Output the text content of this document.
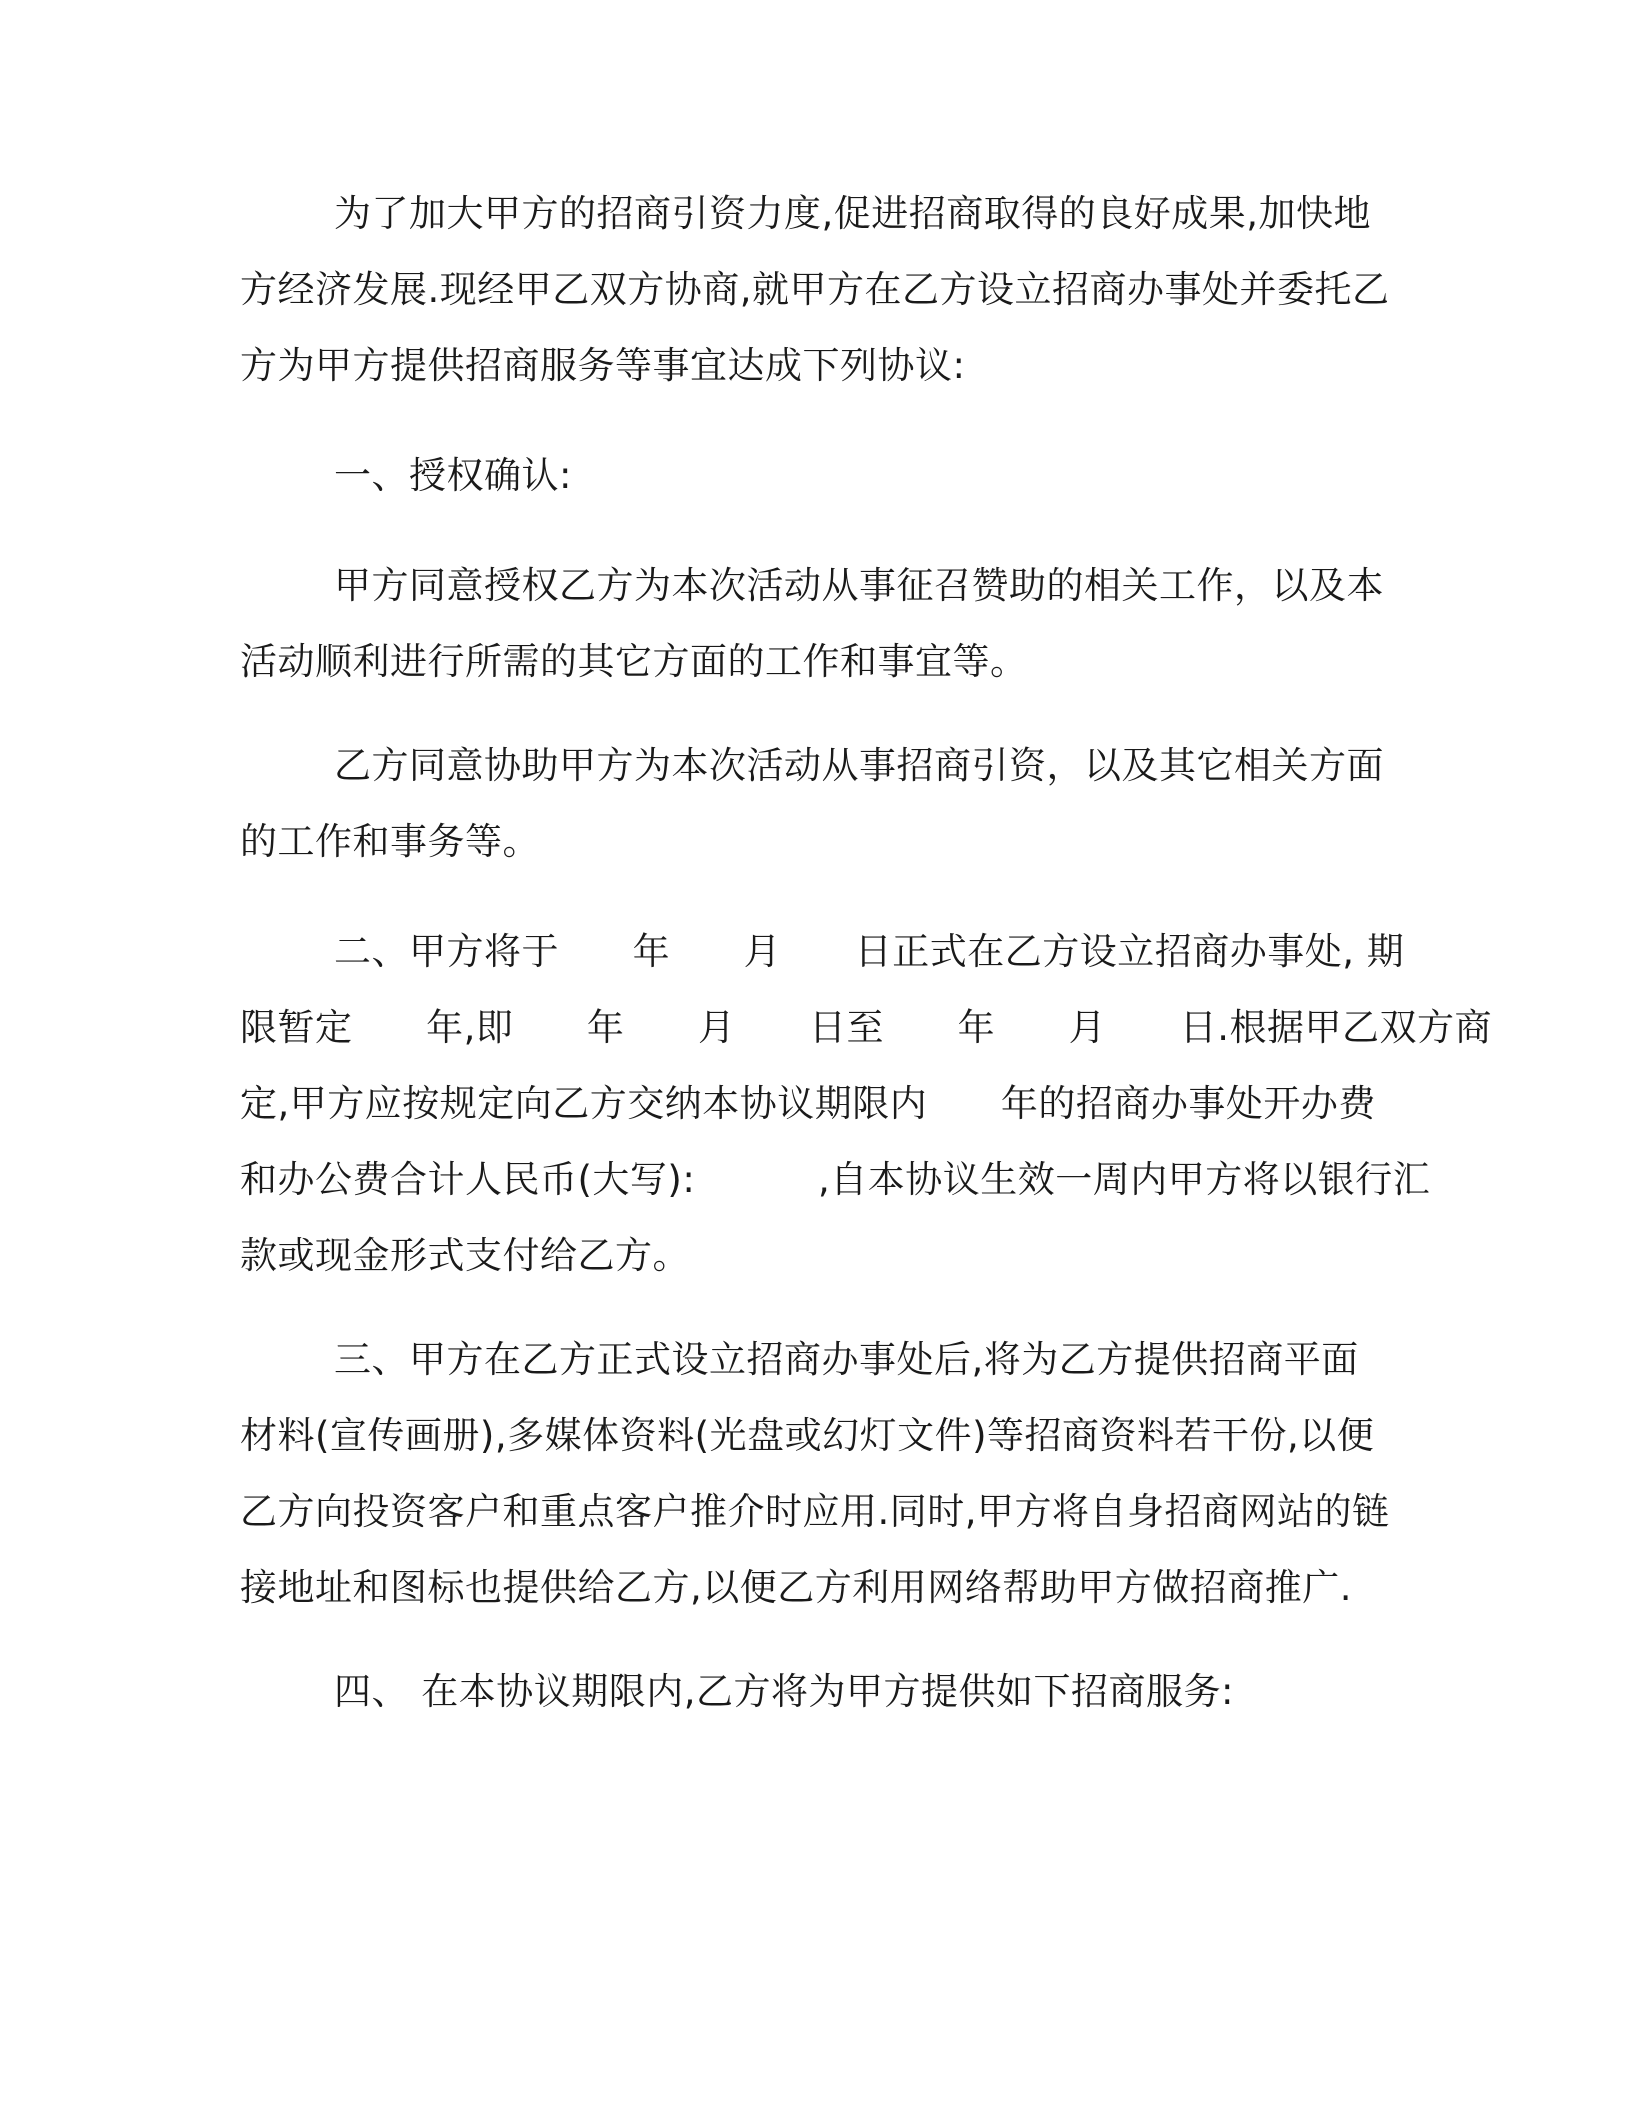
为了加大甲方的招商引资力度,促进招商取得的良好成果,加快地
方经济发展.现经甲乙双方协商,就甲方在乙方设立招商办事处并委托乙
方为甲方提供招商服务等事宜达成下列协议:
一、授权确认:
甲方同意授权乙方为本次活动从事征召赞助的相关工作，以及本
活动顺利进行所需的其它方面的工作和事宜等。
乙方同意协助甲方为本次活动从事招商引资，以及其它相关方面
的工作和事务等。
二、甲方将于      年      月      日正式在乙方设立招商办事处, 期
限暂定      年,即      年      月      日至      年      月      日.根据甲乙双方商
定,甲方应按规定向乙方交纳本协议期限内      年的招商办事处开办费
和办公费合计人民币(大写):          ,自本协议生效一周内甲方将以银行汇
款或现金形式支付给乙方。
三、甲方在乙方正式设立招商办事处后,将为乙方提供招商平面
材料(宣传画册),多媒体资料(光盘或幻灯文件)等招商资料若干份,以便
乙方向投资客户和重点客户推介时应用.同时,甲方将自身招商网站的链
接地址和图标也提供给乙方,以便乙方利用网络帮助甲方做招商推广.
四、 在本协议期限内,乙方将为甲方提供如下招商服务:
